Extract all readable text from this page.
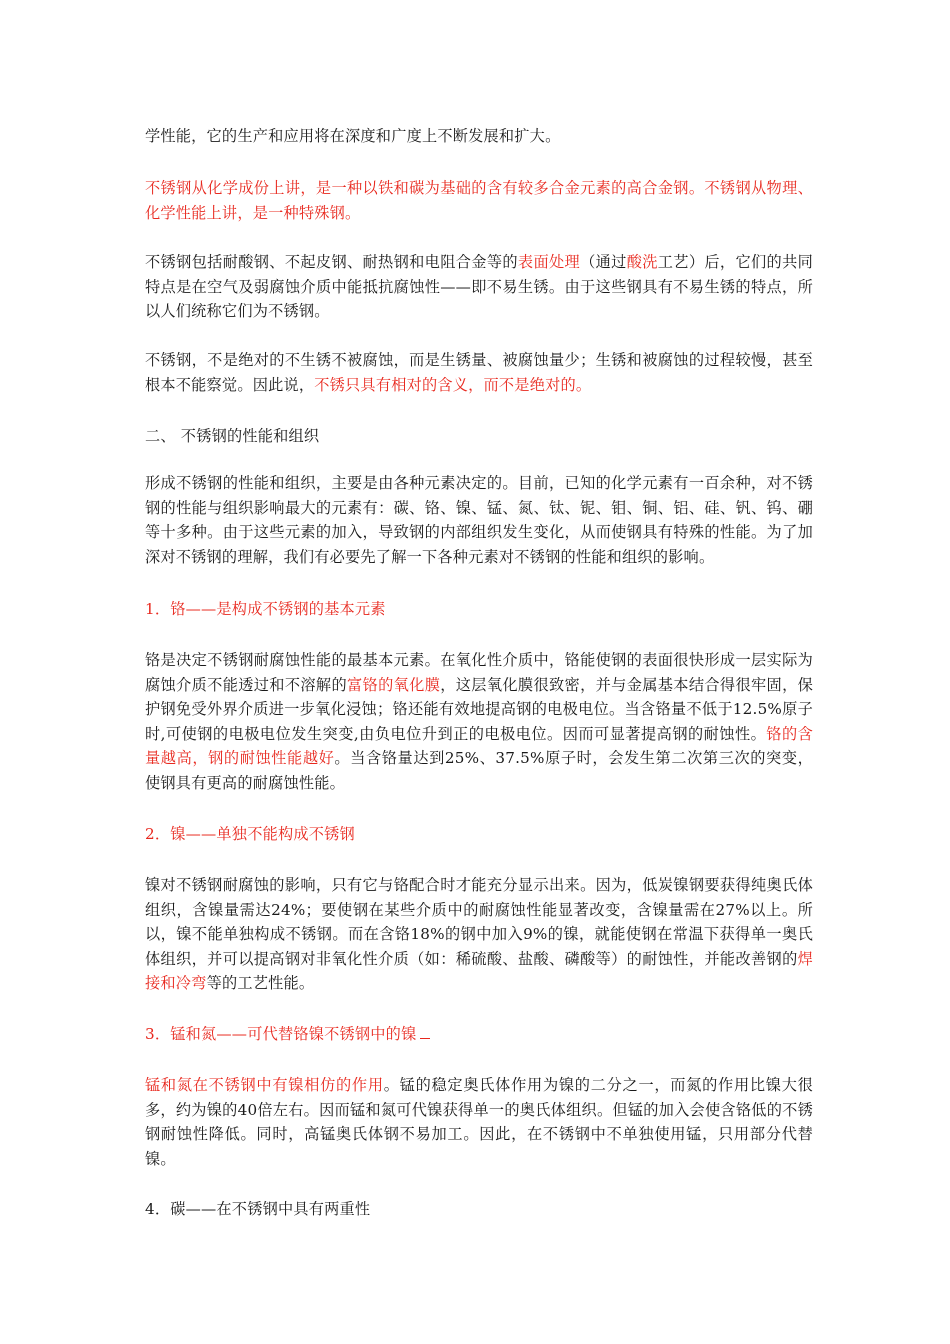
学性能，它的生产和应用将在深度和广度上不断发展和扩大。

不锈钢从化学成份上讲，是一种以铁和碳为基础的含有较多合金元素的高合金钢。不锈钢从物理、化学性能上讲，是一种特殊钢。

不锈钢包括耐酸钢、不起皮钢、耐热钢和电阻合金等的表面处理（通过酸洗工艺）后，它们的共同特点是在空气及弱腐蚀介质中能抵抗腐蚀性——即不易生锈。由于这些钢具有不易生锈的特点，所以人们统称它们为不锈钢。

不锈钢，不是绝对的不生锈不被腐蚀，而是生锈量、被腐蚀量少；生锈和被腐蚀的过程较慢，甚至根本不能察觉。因此说，不锈只具有相对的含义，而不是绝对的。

二、 不锈钢的性能和组织

形成不锈钢的性能和组织，主要是由各种元素决定的。目前，已知的化学元素有一百余种，对不锈钢的性能与组织影响最大的元素有：碳、铬、镍、锰、氮、钛、铌、钼、铜、铝、硅、钒、钨、硼等十多种。由于这些元素的加入，导致钢的内部组织发生变化，从而使钢具有特殊的性能。为了加深对不锈钢的理解，我们有必要先了解一下各种元素对不锈钢的性能和组织的影响。

1．铬——是构成不锈钢的基本元素

铬是决定不锈钢耐腐蚀性能的最基本元素。在氧化性介质中，铬能使钢的表面很快形成一层实际为腐蚀介质不能透过和不溶解的富铬的氧化膜，这层氧化膜很致密，并与金属基本结合得很牢固，保护钢免受外界介质进一步氧化浸蚀；铬还能有效地提高钢的电极电位。当含铬量不低于12.5%原子时,可使钢的电极电位发生突变,由负电位升到正的电极电位。因而可显著提高钢的耐蚀性。铬的含量越高，钢的耐蚀性能越好。当含铬量达到25%、37.5%原子时，会发生第二次第三次的突变，使钢具有更高的耐腐蚀性能。

2．镍——单独不能构成不锈钢

镍对不锈钢耐腐蚀的影响，只有它与铬配合时才能充分显示出来。因为，低炭镍钢要获得纯奥氏体组织，含镍量需达24%；要使钢在某些介质中的耐腐蚀性能显著改变，含镍量需在27%以上。所以，镍不能单独构成不锈钢。而在含铬18%的钢中加入9%的镍，就能使钢在常温下获得单一奥氏体组织，并可以提高钢对非氧化性介质（如：稀硫酸、盐酸、磷酸等）的耐蚀性，并能改善钢的焊接和冷弯等的工艺性能。

3．锰和氮——可代替铬镍不锈钢中的镍

锰和氮在不锈钢中有镍相仿的作用。锰的稳定奥氏体作用为镍的二分之一，而氮的作用比镍大很多，约为镍的40倍左右。因而锰和氮可代镍获得单一的奥氏体组织。但锰的加入会使含铬低的不锈钢耐蚀性降低。同时，高锰奥氏体钢不易加工。因此，在不锈钢中不单独使用锰，只用部分代替镍。

4．碳——在不锈钢中具有两重性
